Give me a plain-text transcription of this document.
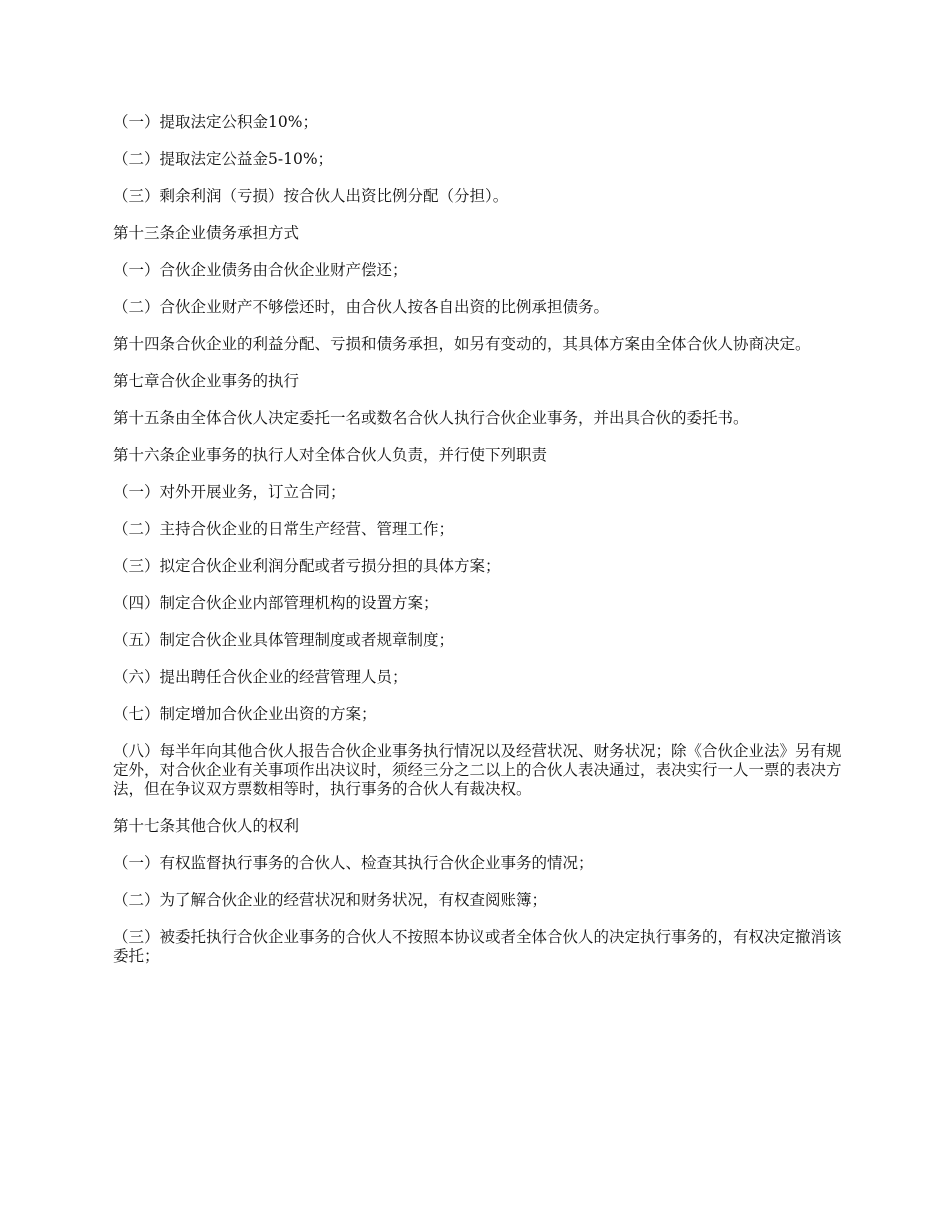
（一）提取法定公积金10%；

（二）提取法定公益金5-10%；

（三）剩余利润（亏损）按合伙人出资比例分配（分担）。

第十三条企业债务承担方式

（一）合伙企业债务由合伙企业财产偿还；

（二）合伙企业财产不够偿还时，由合伙人按各自出资的比例承担债务。

第十四条合伙企业的利益分配、亏损和债务承担，如另有变动的，其具体方案由全体合伙人协商决定。

第七章合伙企业事务的执行

第十五条由全体合伙人决定委托一名或数名合伙人执行合伙企业事务，并出具合伙的委托书。

第十六条企业事务的执行人对全体合伙人负责，并行使下列职责

（一）对外开展业务，订立合同；

（二）主持合伙企业的日常生产经营、管理工作；

（三）拟定合伙企业利润分配或者亏损分担的具体方案；

（四）制定合伙企业内部管理机构的设置方案；

（五）制定合伙企业具体管理制度或者规章制度；

（六）提出聘任合伙企业的经营管理人员；

（七）制定增加合伙企业出资的方案；

（八）每半年向其他合伙人报告合伙企业事务执行情况以及经营状况、财务状况；除《合伙企业法》另有规定外，对合伙企业有关事项作出决议时，须经三分之二以上的合伙人表决通过，表决实行一人一票的表决方法，但在争议双方票数相等时，执行事务的合伙人有裁决权。

第十七条其他合伙人的权利

（一）有权监督执行事务的合伙人、检查其执行合伙企业事务的情况；

（二）为了解合伙企业的经营状况和财务状况，有权查阅账簿；

（三）被委托执行合伙企业事务的合伙人不按照本协议或者全体合伙人的决定执行事务的，有权决定撤消该委托；
